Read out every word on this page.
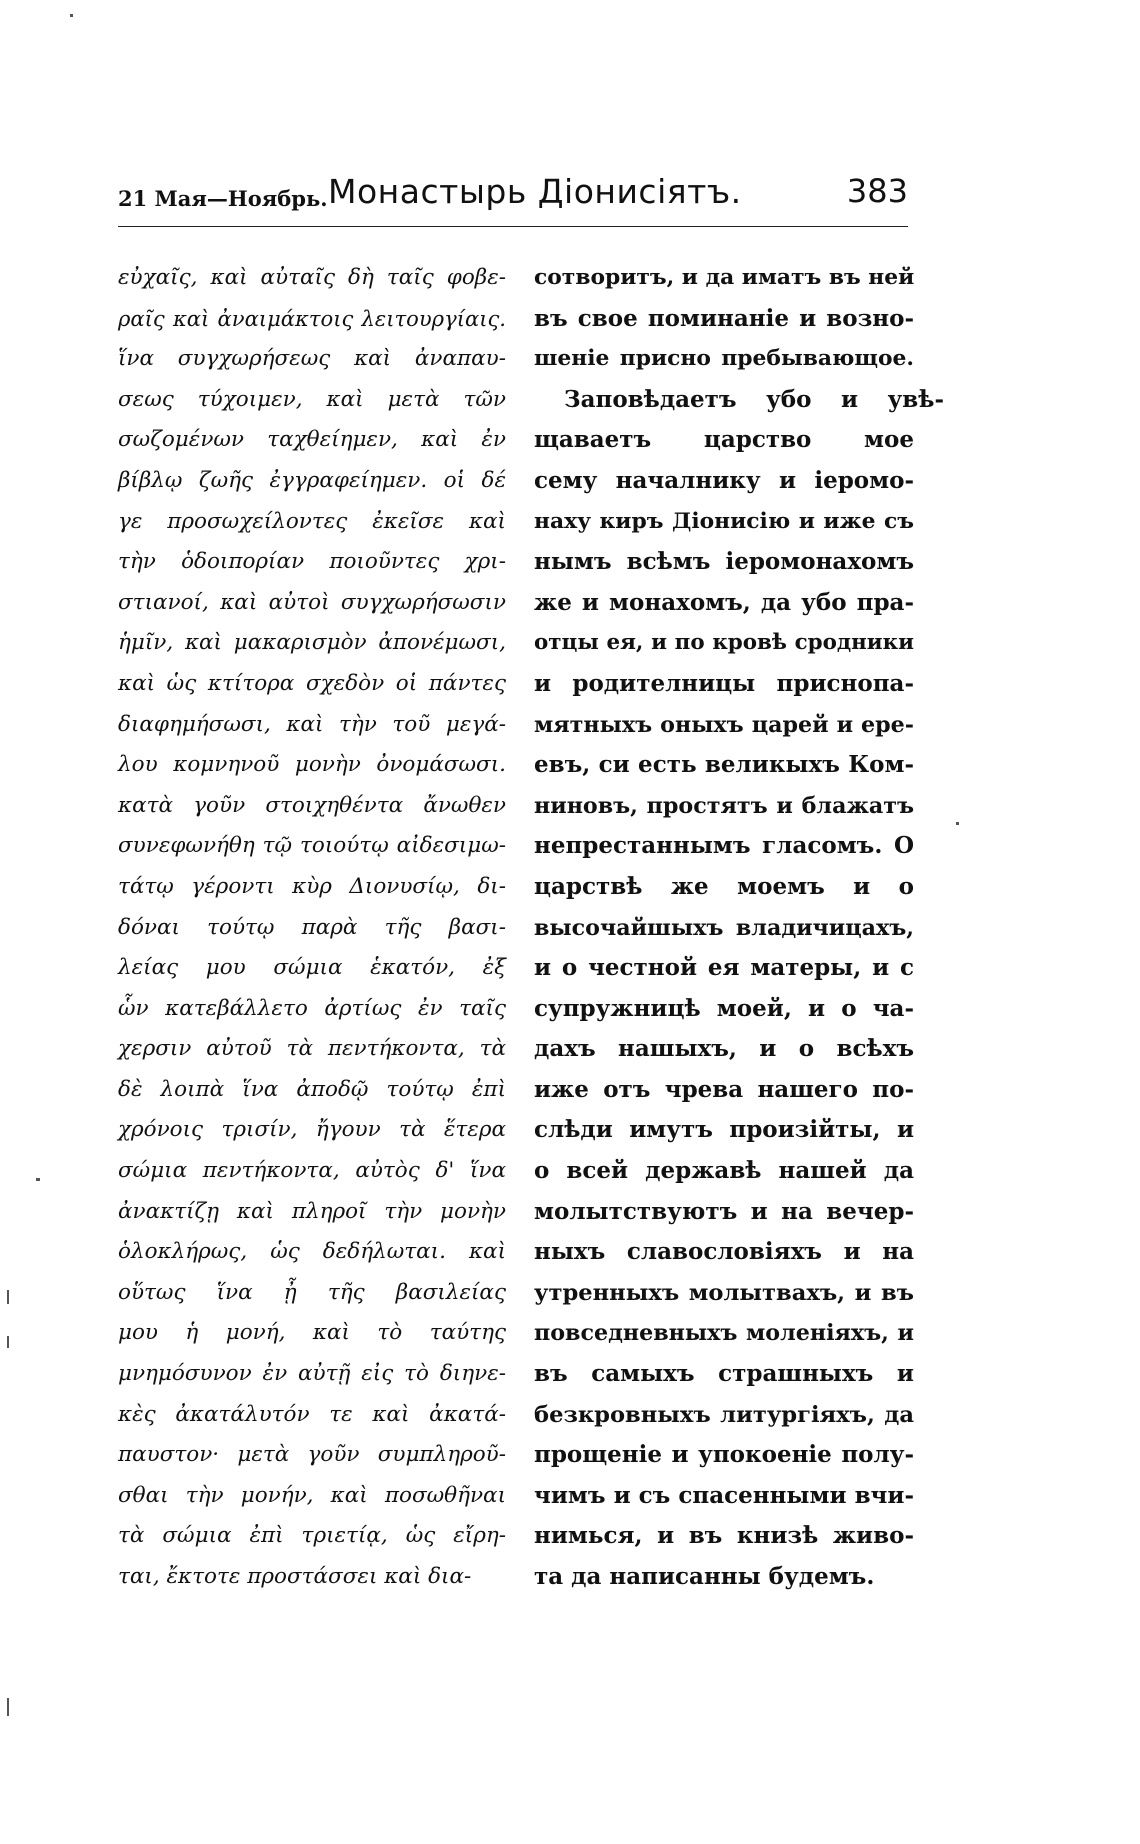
21 Мая—Ноябрь. Монастырь Діонисіятъ.	383
εὐχαῖς, καὶ αὐταῖς δὴ ταῖς φοβε-
ραῖς καὶ ἀναιμάκτοις λειτουργίαις.
ἵνα συγχωρήσεως καὶ ἀναπαυ-
σεως τύχοιμεν, καὶ μετὰ τῶν
σωζομένων ταχθείημεν, καὶ ἐν
βίβλῳ ζωῆς ἐγγραφείημεν. οἱ δέ
γε προσωχείλοντες ἐκεῖσε καὶ
τὴν ὁδοιπορίαν ποιοῦντες χρι-
στιανοί, καὶ αὐτοὶ συγχωρήσωσιν
ἡμῖν, καὶ μακαρισμὸν ἀπονέμωσι,
καὶ ὡς κτίτορα σχεδὸν οἱ πάντες
διαφημήσωσι, καὶ τὴν τοῦ μεγά-
λου κομνηνοῦ μονὴν ὀνομάσωσι.
κατὰ γοῦν στοιχηθέντα ἄνωθεν
συνεφωνήθη τῷ τοιούτῳ αἰδεσιμω-
τάτῳ γέροντι κὺρ Διονυσίῳ, δι-
δόναι τούτῳ παρὰ τῆς βασι-
λείας μου σώμια ἑκατόν, ἐξ
ὧν κατεβάλλετο ἀρτίως ἐν ταῖς
χερσιν αὐτοῦ τὰ πεντήκοντα, τὰ
δὲ λοιπὰ ἵνα ἀποδῷ τούτῳ ἐπὶ
χρόνοις τρισίν, ἤγουν τὰ ἕτερα
σώμια πεντήκοντα, αὐτὸς δ' ἵνα
ἀνακτίζῃ καὶ πληροῖ τὴν μονὴν
ὁλοκλήρως, ὡς δεδήλωται. καὶ
οὕτως ἵνα ᾖ τῆς βασιλείας
μου ἡ μονή, καὶ τὸ ταύτης
μνημόσυνον ἐν αὐτῇ εἰς τὸ διηνε-
κὲς ἀκατάλυτόν τε καὶ ἀκατά-
παυστον· μετὰ γοῦν συμπληροῦ-
σθαι τὴν μονήν, καὶ ποσωθῆναι
τὰ σώμια ἐπὶ τριετίᾳ, ὡς εἴρη-
ται, ἔκτοτε προστάσσει καὶ δια-
сотворитъ, и да иматъ въ ней
въ свое поминаніе и возно-
шеніе присно пребывающое.
Заповѣдаетъ убо и увѣ-
щаваетъ царство мое
сему началнику и іеромо-
наху киръ Діонисію и иже съ
нымъ всѣмъ іеромонахомъ
же и монахомъ, да убо пра-
отцы ея, и по кровѣ сродники
и родителницы приснопа-
мятныхъ оныхъ царей и ере-
евъ, си есть великыхъ Ком-
ниновъ, простятъ и блажатъ
непрестаннымъ гласомъ. О
царствѣ же моемъ и о
высочайшыхъ владичицахъ,
и о честной ея матеры, и с
супружницѣ моей, и о ча-
дахъ нашыхъ, и о всѣхъ
иже отъ чрева нашего по-
слѣди имутъ произійты, и
о всей державѣ нашей да
молытствуютъ и на вечер-
ныхъ славословіяхъ и на
утренныхъ молытвахъ, и въ
повседневныхъ моленіяхъ, и
въ самыхъ страшныхъ и
безкровныхъ литургіяхъ, да
прощеніе и упокоеніе полу-
чимъ и съ спасенными вчи-
нимься, и въ книзѣ живо-
та да написанны будемъ.
